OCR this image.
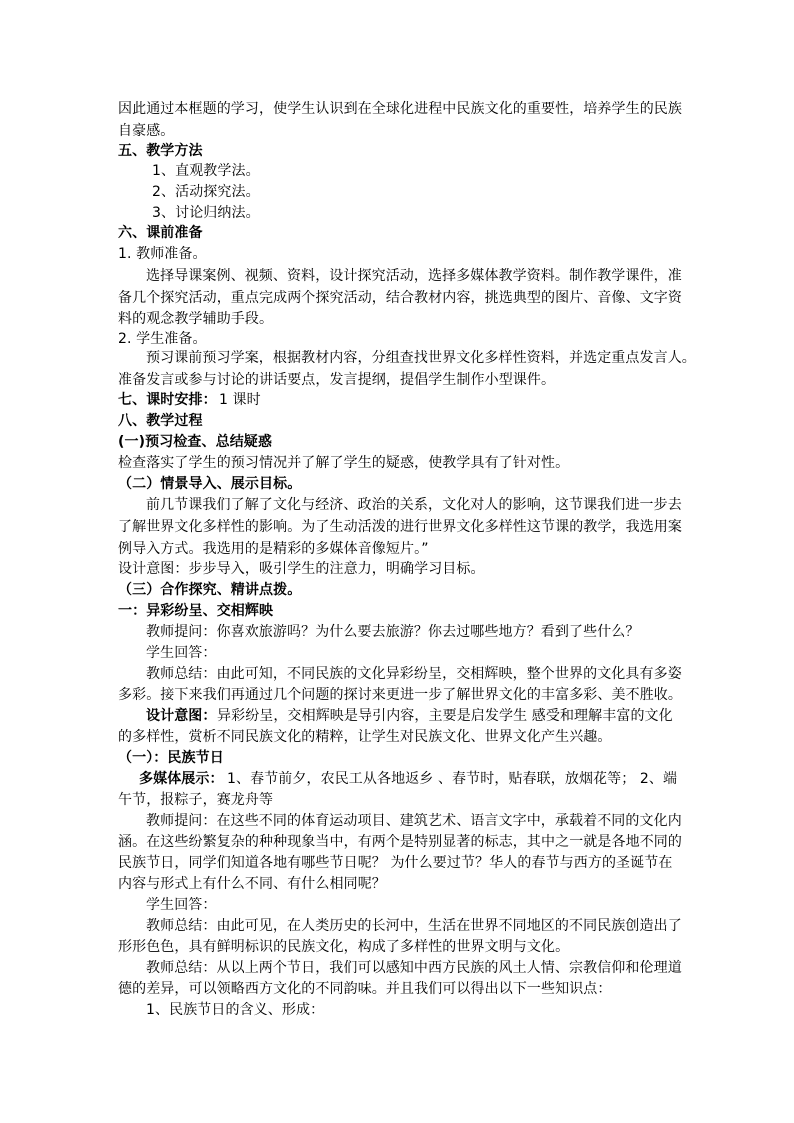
因此通过本框题的学习，使学生认识到在全球化进程中民族文化的重要性，培养学生的民族
自豪感。
五、教学方法
1、直观教学法。
2、活动探究法。
3、讨论归纳法。
六、课前准备
1. 教师准备。
选择导课案例、视频、资料，设计探究活动，选择多媒体教学资料。制作教学课件，准
备几个探究活动，重点完成两个探究活动，结合教材内容，挑选典型的图片、音像、文字资
料的观念教学辅助手段。
2. 学生准备。
预习课前预习学案，根据教材内容，分组查找世界文化多样性资料，并选定重点发言人。
准备发言或参与讨论的讲话要点，发言提纲，提倡学生制作小型课件。
七、课时安排： 1 课时
八、教学过程
(一)预习检查、总结疑惑
检查落实了学生的预习情况并了解了学生的疑惑，使教学具有了针对性。
（二）情景导入、展示目标。
前几节课我们了解了文化与经济、政治的关系，文化对人的影响，这节课我们进一步去
了解世界文化多样性的影响。为了生动活泼的进行世界文化多样性这节课的教学，我选用案
例导入方式。我选用的是精彩的多媒体音像短片。”
设计意图：步步导入，吸引学生的注意力，明确学习目标。
（三）合作探究、精讲点拨。
一：异彩纷呈、交相辉映
教师提问：你喜欢旅游吗？为什么要去旅游？你去过哪些地方？看到了些什么？
学生回答：
教师总结：由此可知，不同民族的文化异彩纷呈，交相辉映，整个世界的文化具有多姿
多彩。接下来我们再通过几个问题的探讨来更进一步了解世界文化的丰富多彩、美不胜收。
设计意图： 异彩纷呈，交相辉映是导引内容，主要是启发学生 感受和理解丰富的文化
的多样性，赏析不同民族文化的精粹，让学生对民族文化、世界文化产生兴趣。
（一）：民族节日
多媒体展示： 1、春节前夕，农民工从各地返乡 、春节时，贴春联，放烟花等； 2、端
午节，报粽子，赛龙舟等
教师提问：在这些不同的体育运动项目、建筑艺术、语言文字中，承载着不同的文化内
涵。在这些纷繁复杂的种种现象当中，有两个是特别显著的标志，其中之一就是各地不同的
民族节日，同学们知道各地有哪些节日呢？ 为什么要过节？华人的春节与西方的圣诞节在
内容与形式上有什么不同、有什么相同呢？
学生回答：
教师总结：由此可见，在人类历史的长河中，生活在世界不同地区的不同民族创造出了
形形色色，具有鲜明标识的民族文化，构成了多样性的世界文明与文化。
教师总结：从以上两个节日，我们可以感知中西方民族的风土人情、宗教信仰和伦理道
德的差异，可以领略西方文化的不同韵味。并且我们可以得出以下一些知识点：
1、民族节日的含义、形成：
